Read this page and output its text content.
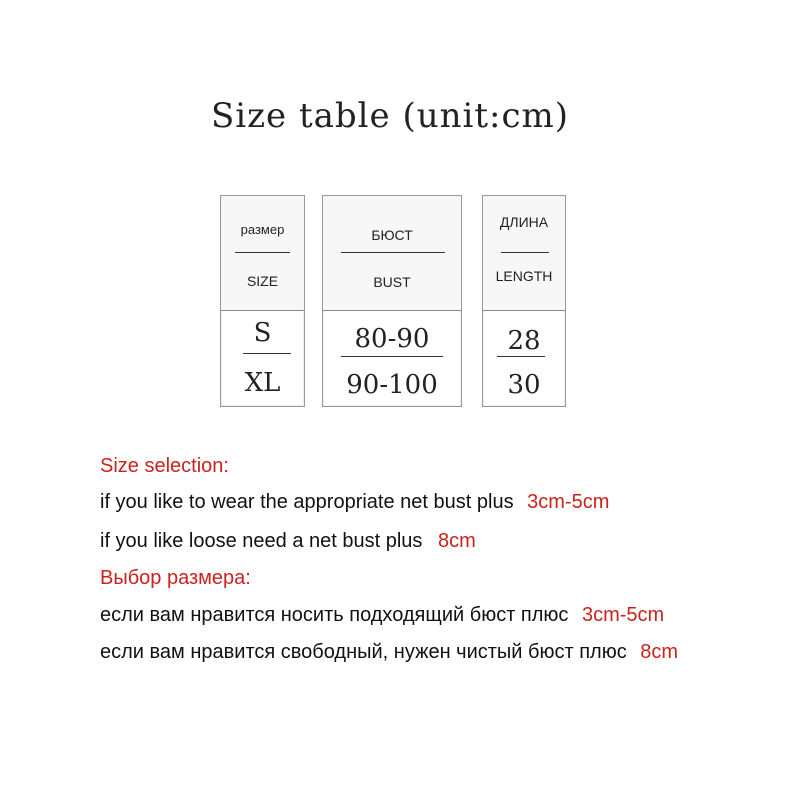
Size table (unit:cm)
размер
SIZE
S
XL
БЮСТ
BUST
80-90
90-100
ДЛИНА
LENGTH
28
30
Size selection:
if you like to wear the appropriate net bust plus 3cm-5cm
if you like loose need a net bust plus 8cm
Выбор размера:
если вам нравится носить подходящий бюст плюс 3cm-5cm
если вам нравится свободный, нужен чистый бюст плюс 8cm
